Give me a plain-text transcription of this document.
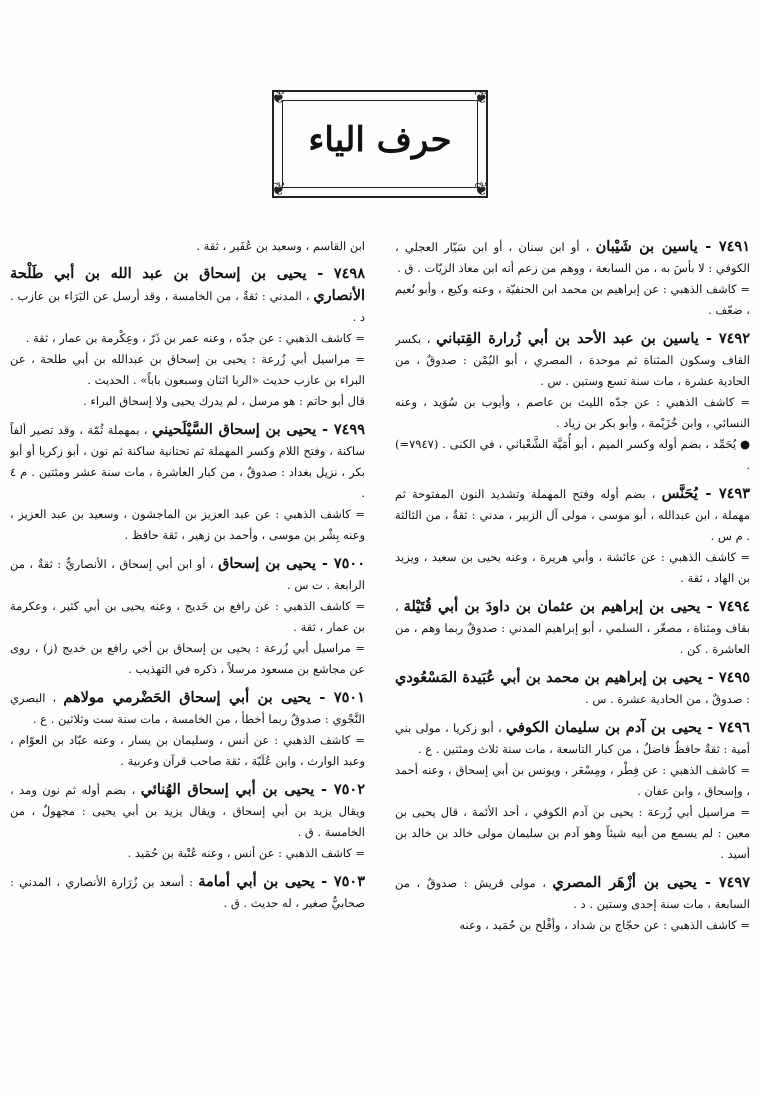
❦	❦
❦	❦
حرف الياء

٧٤٩١ - ياسين بن شَيْبان ، أو ابن سنان ، أو ابن سَيّار العجلي ، الكوفي : لا بأسَ به ، من السابعة ، ووهم من زعم أنه ابن معاذ الزيّات . ق .

= كاشف الذهبي : عن إبراهيم بن محمد ابن الحنفيّة ، وعنه وكيع ، وأبو نُعيم ، ضعّف .

٧٤٩٢ - ياسين بن عبد الأحد بن أبي زُرارة القِتباني ، بكسر القاف وسكون المثناة ثم موحدة ، المصري ، أبو اليُمْن : صدوقٌ ، من الحادية عشرة ، مات سنة تسع وستين . س .

= كاشف الذهبي : عن جدّه الليث بن عاصم ، وأيوب بن سُوَيد ، وعنه النسائي ، وابن خُزَيْمة ، وأبو بكر بن زياد .

● يُحَمِّد ، بضم أوله وكسر الميم ، أبو أُمَيَّة الشَّعْباني ، في الكنى . (٧٩٤٧=) .

٧٤٩٣ - يُحَنَّس ، بضم أوله وفتح المهملة وتشديد النون المفتوحة ثم مهملة ، ابن عبدالله ، أبو موسى ، مولى آل الزبير ، مدني : ثقةٌ ، من الثالثة . م س .

= كاشف الذهبي : عن عائشة ، وأبي هريرة ، وعنه يحيى بن سعيد ، ويزيد بن الهاد ، ثقة .

٧٤٩٤ - يحيى بن إبراهيم بن عثمان بن داودَ بن أبي قُتَيْلة ، بقاف ومثناة ، مصغّر ، السلمي ، أبو إبراهيم المدني : صدوقٌ ربما وهم ، من العاشرة . كن .

٧٤٩٥ - يحيى بن إبراهيم بن محمد بن أبي عُبَيدة المَسْعُودي : صدوقٌ ، من الحادية عشرة . س .

٧٤٩٦ - يحيى بن آدم بن سليمان الكوفي ، أبو زكريا ، مولى بني أمية : ثقةٌ حافظٌ فاضلٌ ، من كبار التاسعة ، مات سنة ثلاث ومئتين . ع .

= كاشف الذهبي : عن فِطْر ، ومِسْعَر ، ويونس بن أبي إسحاق ، وعنه أحمد ، وإسحاق ، وابن عفان .

= مراسيل أبي زُرعة : يحيى بن آدم الكوفي ، أحد الأئمة ، قال يحيى بن معين : لم يسمع من أبيه شيئاً وهو آدم بن سليمان مولى خالد بن خالد بن أسيد .

٧٤٩٧ - يحيى بن أزْهَر المصري ، مولى قريش : صدوقٌ ، من السابعة ، مات سنة إحدى وستين . د .

= كاشف الذهبي : عن حجّاج بن شداد ، وأفْلح بن حُمَيد ، وعنه

ابن القاسم ، وسعيد بن عُفَير ، ثقة .

٧٤٩٨ - يحيى بن إسحاق بن عبد الله بن أبي طَلْحة الأنصاري ، المدني : ثقةٌ ، من الخامسة ، وقد أرسل عن البَرَاء بن عازب . د .

= كاشف الذهبي : عن جدّه ، وعنه عمر بن ذَرّ ، وعِكْرمة بن عمار ، ثقة .

= مراسيل أبي زُرعة : يحيى بن إسحاق بن عبدالله بن أبي طلحة ، عن البراء بن عازب حديث «الربا اثنان وسبعون باباً» . الحديث .

قال أبو حاتم : هو مرسل ، لم يدرك يحيى ولا إسحاق البراء .

٧٤٩٩ - يحيى بن إسحاق السَّيْلَحيني ، بمهملة ثُمّة ، وقد تصير ألفاً ساكنة ، وفتح اللام وكسر المهملة ثم تحتانية ساكنة ثم نون ، أبو زكريا أو أبو بكر ، نزيل بغداد : صدوقٌ ، من كبار العاشرة ، مات سنة عشر ومئتين . م ٤ .

= كاشف الذهبي : عن عبد العزيز بن الماجشون ، وسعيد بن عبد العزيز ، وعنه بِشْر بن موسى ، وأحمد بن زهير ، ثقة حافظ .

٧٥٠٠ - يحيى بن إسحاق ، أو ابن أبي إسحاق ، الأنصاريُّ : ثقةٌ ، من الرابعة . ت س .

= كاشف الذهبي : عن رافع بن خَديج ، وعنه يحيى بن أبي كثير ، وعكرمة بن عمار ، ثقة .

= مراسيل أبي زُرعة : يحيى بن إسحاق بن أخي رافع بن خديج (ز) ، روى عن مجاشع بن مسعود مرسلاً ، ذكره في التهذيب .

٧٥٠١ - يحيى بن أبي إسحاق الحَضْرمي مولاهم ، البصري النَّحْوي : صدوقٌ ربما أخطأ ، من الخامسة ، مات سنة ست وثلاثين . ع .

= كاشف الذهبي : عن أنس ، وسليمان بن يسار ، وعنه عبّاد بن العوّام ، وعبد الوارث ، وابن عُلَيّة ، ثقة صاحب قرآن وعربية .

٧٥٠٢ - يحيى بن أبي إسحاق الهُنائي ، بضم أوله ثم نون ومد ، ويقال يزيد بن أبي إسحاق ، ويقال يزيد بن أبي يحيى : مجهولٌ ، من الخامسة . ق .

= كاشف الذهبي : عن أنس ، وعنه عُتْبة بن حُمَيد .

٧٥٠٣ - يحيى بن أبي أمامة : أسعد بن زُرَارة الأنصاري ، المدني : صحابيٌّ صغير ، له حديث . ق .
